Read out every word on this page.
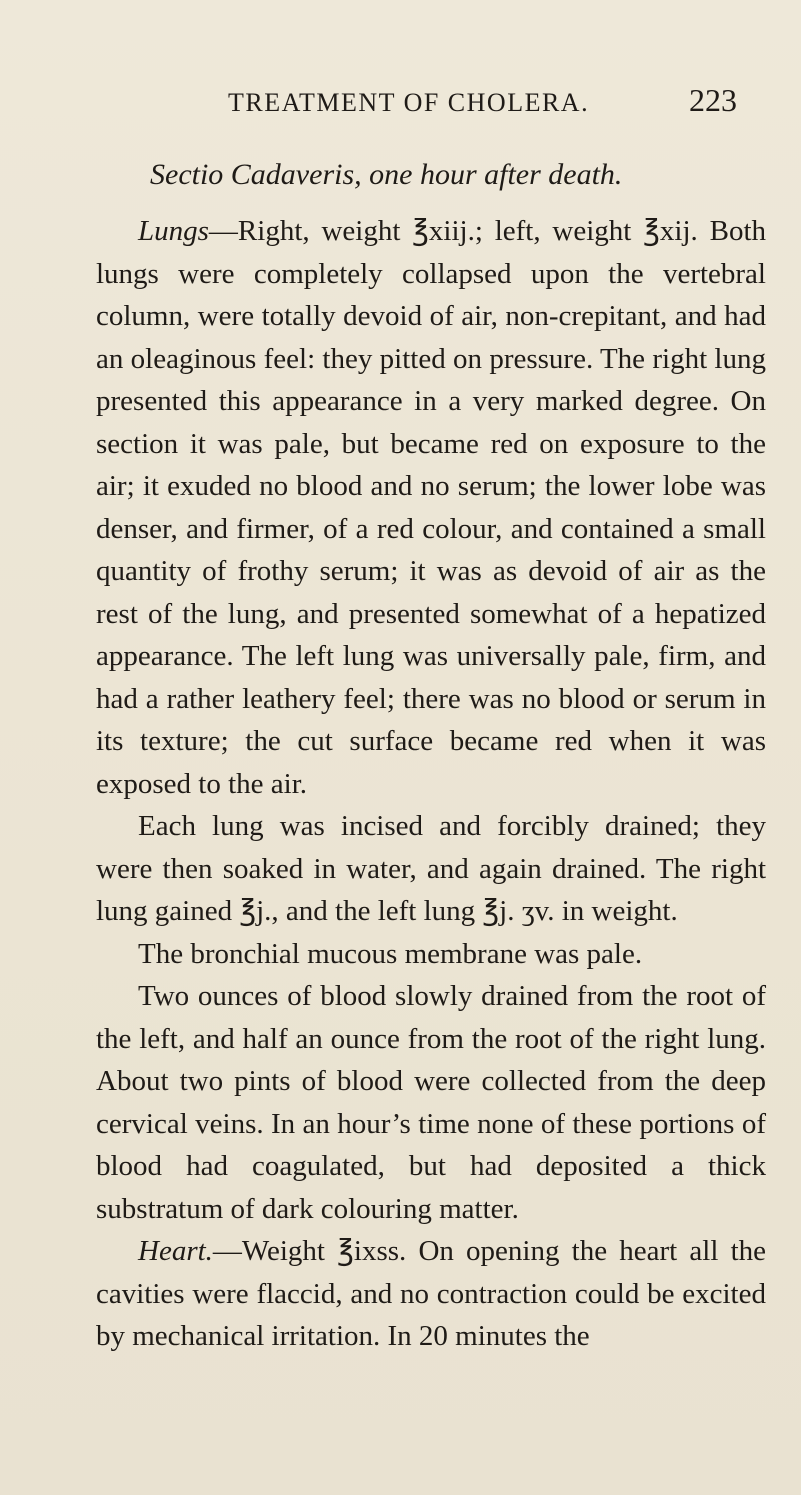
TREATMENT OF CHOLERA.	223
Sectio Cadaveris, one hour after death.

Lungs—Right, weight ℥xiij.; left, weight ℥xij. Both lungs were completely collapsed upon the vertebral column, were totally devoid of air, non-crepitant, and had an oleaginous feel: they pitted on pressure. The right lung presented this appearance in a very marked degree. On section it was pale, but became red on exposure to the air; it exuded no blood and no serum; the lower lobe was denser, and firmer, of a red colour, and contained a small quantity of frothy serum; it was as devoid of air as the rest of the lung, and presented somewhat of a hepatized appearance. The left lung was universally pale, firm, and had a rather leathery feel; there was no blood or serum in its texture; the cut surface became red when it was exposed to the air.

Each lung was incised and forcibly drained; they were then soaked in water, and again drained. The right lung gained ℥j., and the left lung ℥j. ʒv. in weight.

The bronchial mucous membrane was pale.

Two ounces of blood slowly drained from the root of the left, and half an ounce from the root of the right lung. About two pints of blood were collected from the deep cervical veins. In an hour’s time none of these portions of blood had coagulated, but had deposited a thick substratum of dark colouring matter.

Heart.—Weight ℥ixss. On opening the heart all the cavities were flaccid, and no contraction could be excited by mechanical irritation. In 20 minutes the
